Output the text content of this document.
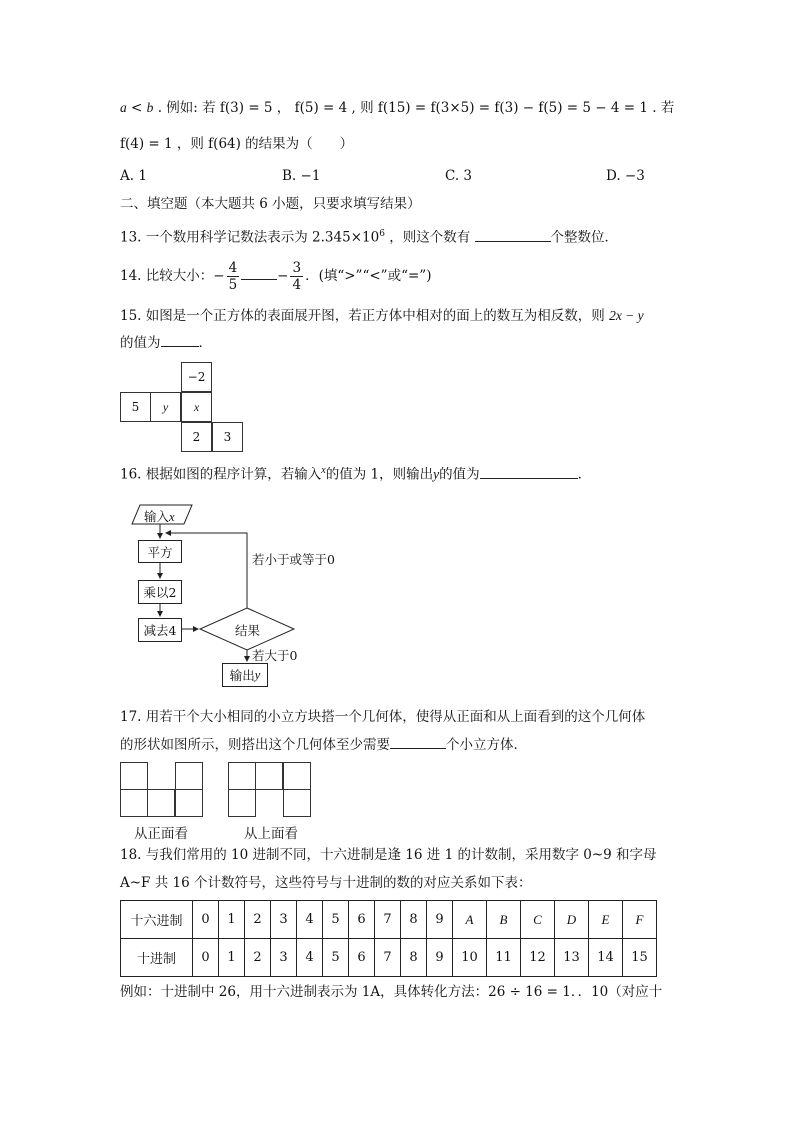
a < b . 例如: 若 f(3) = 5 ， f(5) = 4 , 则 f(15) = f(3×5) = f(3) − f(5) = 5 − 4 = 1 . 若
f(4) = 1 ，则 f(64) 的结果为（　　）
A. 1	B. −1	C. 3	D. −3
二、填空题（本大题共 6 小题，只要求填写结果）
13. 一个数用科学记数法表示为 $2.345\times 10^6$ ，则这个数有	个整数位．
14. 比较大小：− $\frac{4}{5}$	− $\frac{3}{4}$ ．(填“>”“<”或“=”)
15. 如图是一个正方体的表面展开图，若正方体中相对的面上的数互为相反数，则 2x − y
的值为	．
−2
5	y	x
2	3
16. 根据如图的程序计算，若输入$^x$的值为 1，则输出y的值为	.
输入x
平方
乘以2
减去4	结果
若小于或等于0
若大于0
输出 y
17. 用若干个大小相同的小立方块搭一个几何体，使得从正面和从上面看到的这个几何体
的形状如图所示，则搭出这个几何体至少需要	个小立方体．
从正面看	从上面看
18. 与我们常用的 10 进制不同，十六进制是逢 16 进 1 的计数制，采用数字 0~9 和字母
A~F 共 16 个计数符号，这些符号与十进制的数的对应关系如下表：
十六进制	0	1	2	3	4	5	6	7	8	9	A	B	C	D	E	F
十进制	0	1	2	3	4	5	6	7	8	9	10	11	12	13	14	15
例如：十进制中 26，用十六进制表示为 1A，具体转化方法：26 ÷ 16 = 1．．10（对应十
